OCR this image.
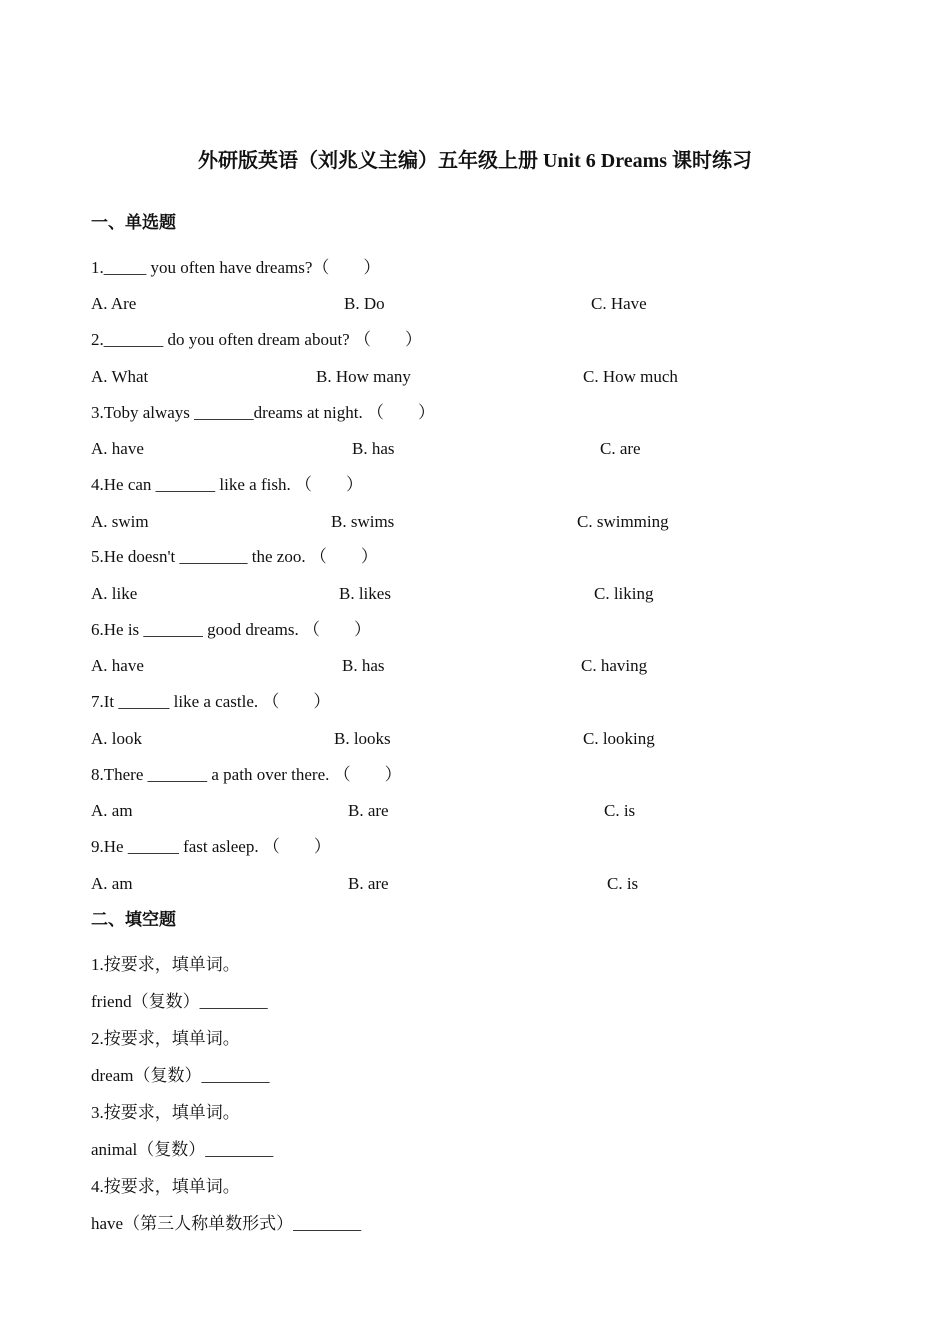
外研版英语（刘兆义主编）五年级上册 Unit 6 Dreams 课时练习
一、单选题
1._____ you often have dreams?（　　）
A. Are	B. Do	C. Have
2._______ do you often dream about? （　　）
A. What	B. How many	C. How much
3.Toby always _______dreams at night. （　　）
A. have	B. has	C. are
4.He can _______ like a fish. （　　）
A. swim	B. swims	C. swimming
5.He doesn't ________ the zoo. （　　）
A. like	B. likes	C. liking
6.He is _______ good dreams. （　　）
A. have	B. has	C. having
7.It ______ like a castle. （　　）
A. look	B. looks	C. looking
8.There _______ a path over there. （　　）
A. am	B. are	C. is
9.He ______ fast asleep. （　　）
A. am	B. are	C. is
二、填空题
1.按要求，填单词。
friend（复数）________
2.按要求，填单词。
dream（复数）________
3.按要求，填单词。
animal（复数）________
4.按要求，填单词。
have（第三人称单数形式）________
